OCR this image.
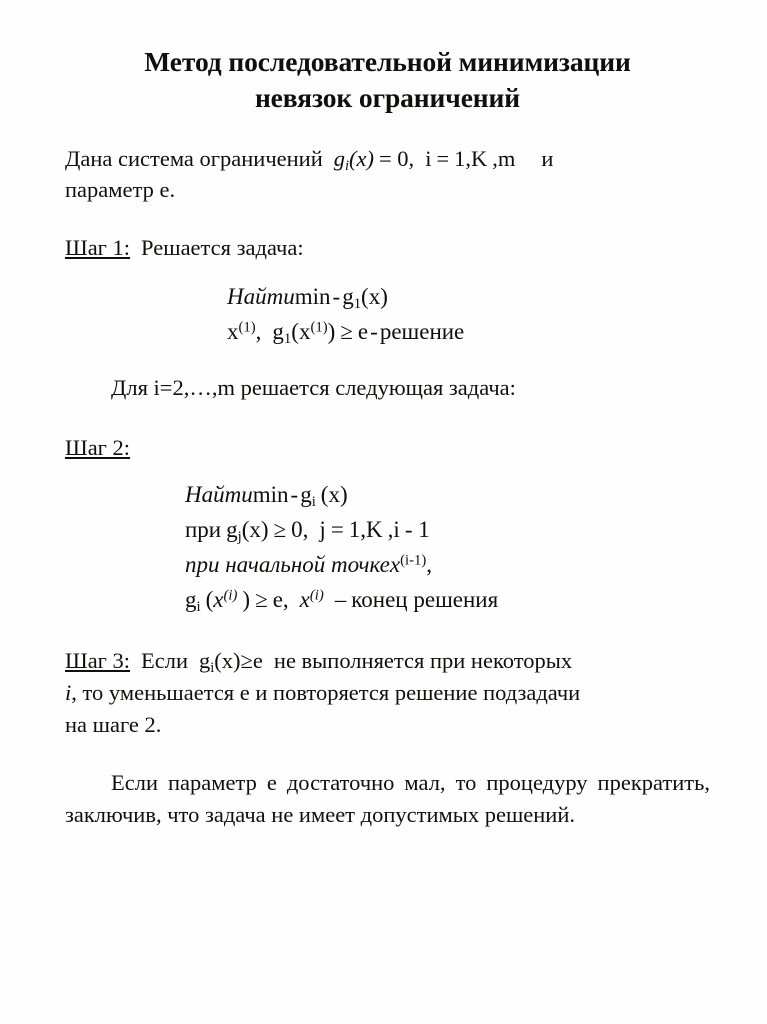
Метод последовательной минимизации
невязок ограничений

Дана система ограничений $g_i(x) = 0$, i = 1,K ,m и
параметр e.

Шаг 1: Решается задача:

Найтиmin-$g_1(x)$
$x^{(1)}$, $g_1(x^{(1)})$ ≥ e-решение

Для i=2,…,m решается следующая задача:

Шаг 2:

Найтиmin-$g_i$ (x)
при $g_j(x) \ge 0$, j = 1,K ,i - 1
при начальной точкеx$^{(i-1)}$,
$g_i$ ($x^{(i)}$ ) ≥ e, $x^{(i)}$ – конец решения

Шаг 3: Если $g_i(x)\ge e$ не выполняется при некоторых
i, то уменьшается e и повторяется решение подзадачи
на шаге 2.

Если параметр e достаточно мал, то процедуру прекратить, заключив, что задача не имеет допустимых решений.
